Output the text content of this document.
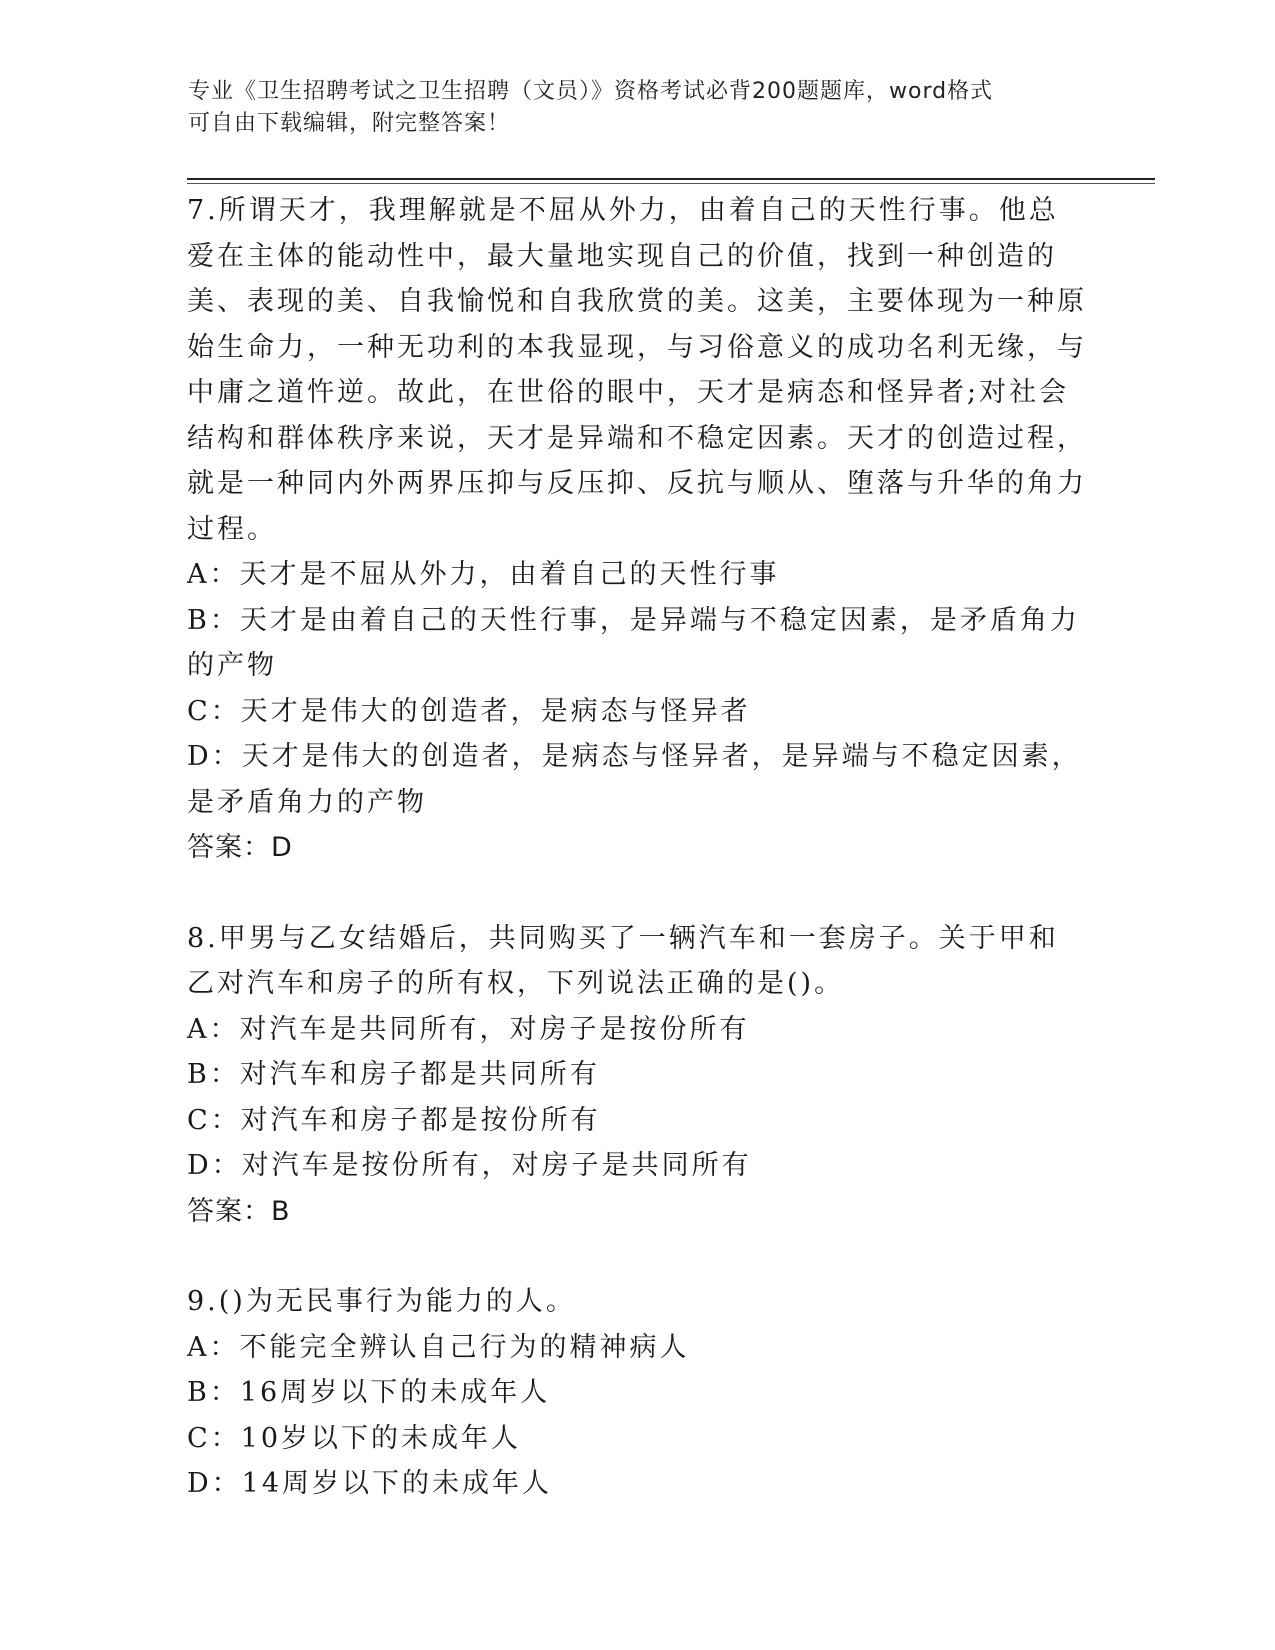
专业《卫生招聘考试之卫生招聘（文员）》资格考试必背200题题库，word格式
可自由下载编辑，附完整答案！

7.所谓天才，我理解就是不屈从外力，由着自己的天性行事。他总爱在主体的能动性中，最大量地实现自己的价值，找到一种创造的美、表现的美、自我愉悦和自我欣赏的美。这美，主要体现为一种原始生命力，一种无功利的本我显现，与习俗意义的成功名利无缘，与中庸之道忤逆。故此，在世俗的眼中，天才是病态和怪异者;对社会结构和群体秩序来说，天才是异端和不稳定因素。天才的创造过程，就是一种同内外两界压抑与反压抑、反抗与顺从、堕落与升华的角力过程。

A：天才是不屈从外力，由着自己的天性行事

B：天才是由着自己的天性行事，是异端与不稳定因素，是矛盾角力的产物

C：天才是伟大的创造者，是病态与怪异者

D：天才是伟大的创造者，是病态与怪异者，是异端与不稳定因素，是矛盾角力的产物

答案：D

8.甲男与乙女结婚后，共同购买了一辆汽车和一套房子。关于甲和乙对汽车和房子的所有权，下列说法正确的是()。

A：对汽车是共同所有，对房子是按份所有

B：对汽车和房子都是共同所有

C：对汽车和房子都是按份所有

D：对汽车是按份所有，对房子是共同所有

答案：B

9.()为无民事行为能力的人。

A：不能完全辨认自己行为的精神病人

B：16周岁以下的未成年人

C：10岁以下的未成年人

D：14周岁以下的未成年人
